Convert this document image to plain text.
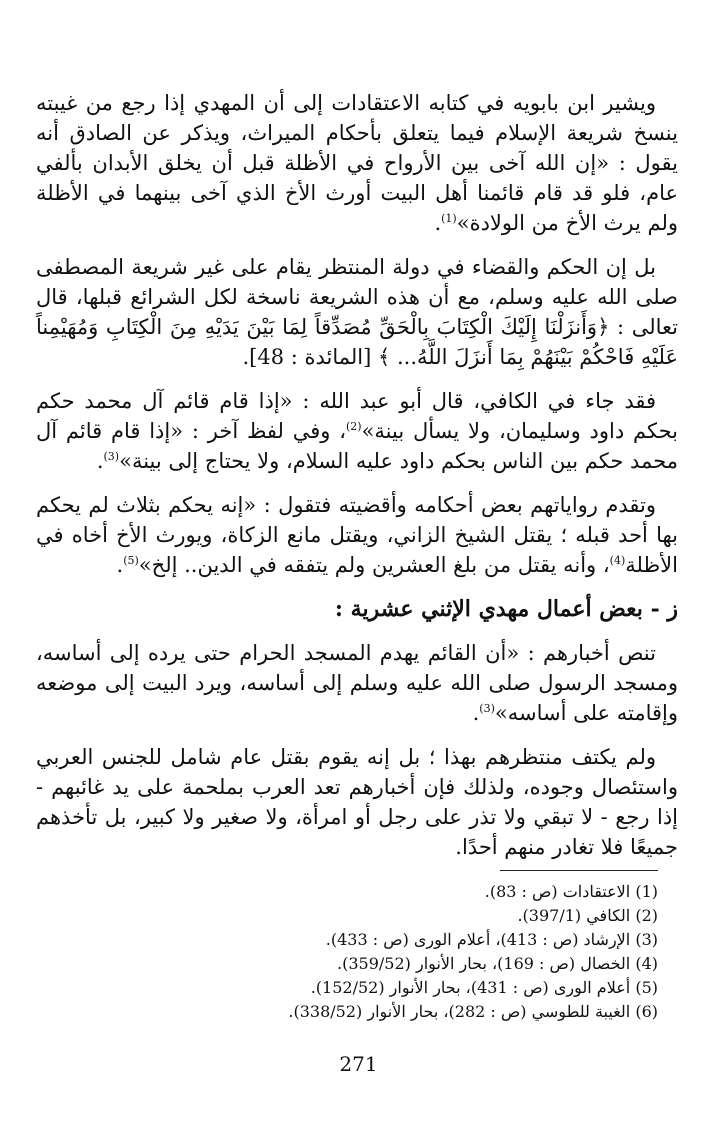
ويشير ابن بابويه في كتابه الاعتقادات إلى أن المهدي إذا رجع من غيبته ينسخ شريعة الإسلام فيما يتعلق بأحكام الميراث، ويذكر عن الصادق أنه يقول : «إن الله آخى بين الأرواح في الأظلة قبل أن يخلق الأبدان بألفي عام، فلو قد قام قائمنا أهل البيت أورث الأخ الذي آخى بينهما في الأظلة ولم يرث الأخ من الولادة»$^{(1)}$.

بل إن الحكم والقضاء في دولة المنتظر يقام على غير شريعة المصطفى صلى الله عليه وسلم، مع أن هذه الشريعة ناسخة لكل الشرائع قبلها، قال تعالى : ﴿وَأَنزَلْنَا إِلَيْكَ الْكِتَابَ بِالْحَقِّ مُصَدِّقاً لِمَا بَيْنَ يَدَيْهِ مِنَ الْكِتَابِ وَمُهَيْمِناً عَلَيْهِ فَاحْكُمْ بَيْنَهُمْ بِمَا أَنزَلَ اللَّهُ... ﴾ [المائدة : 48].

فقد جاء في الكافي، قال أبو عبد الله : «إذا قام قائم آل محمد حكم بحكم داود وسليمان، ولا يسأل بينة»$^{(2)}$، وفي لفظ آخر : «إذا قام قائم آل محمد حكم بين الناس بحكم داود عليه السلام، ولا يحتاج إلى بينة»$^{(3)}$.

وتقدم رواياتهم بعض أحكامه وأقضيته فتقول : «إنه يحكم بثلاث لم يحكم بها أحد قبله ؛ يقتل الشيخ الزاني، ويقتل مانع الزكاة، ويورث الأخ أخاه في الأظلة$^{(4)}$، وأنه يقتل من بلغ العشرين ولم يتفقه في الدين.. إلخ»$^{(5)}$.

ز - بعض أعمال مهدي الإثني عشرية :

تنص أخبارهم : «أن القائم يهدم المسجد الحرام حتى يرده إلى أساسه، ومسجد الرسول صلى الله عليه وسلم إلى أساسه، ويرد البيت إلى موضعه وإقامته على أساسه»$^{(3)}$.

ولم يكتف منتظرهم بهذا ؛ بل إنه يقوم بقتل عام شامل للجنس العربي واستئصال وجوده، ولذلك فإن أخبارهم تعد العرب بملحمة على يد غائبهم - إذا رجع - لا تبقي ولا تذر على رجل أو امرأة، ولا صغير ولا كبير، بل تأخذهم جميعًا فلا تغادر منهم أحدًا.

(1) الاعتقادات (ص : 83).
(2) الكافي (397/1).
(3) الإرشاد (ص : 413)، أعلام الورى (ص : 433).
(4) الخصال (ص : 169)، بحار الأنوار (359/52).
(5) أعلام الورى (ص : 431)، بحار الأنوار (152/52).
(6) الغيبة للطوسي (ص : 282)، بحار الأنوار (338/52).
271
